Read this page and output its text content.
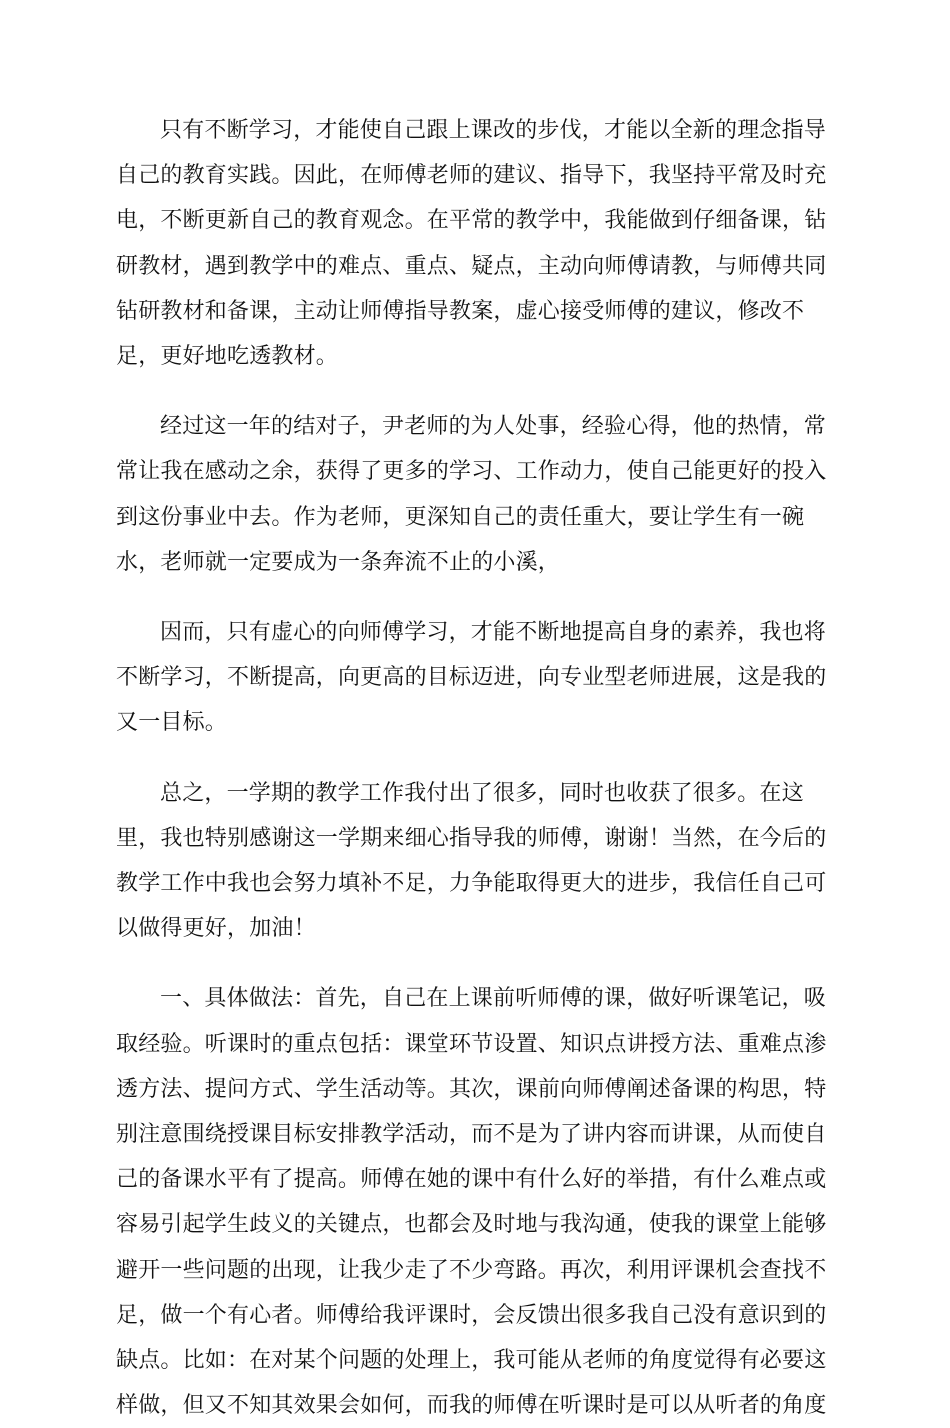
只有不断学习，才能使自己跟上课改的步伐，才能以全新的理念指导
自己的教育实践。因此，在师傅老师的建议、指导下，我坚持平常及时充
电，不断更新自己的教育观念。在平常的教学中，我能做到仔细备课，钻
研教材，遇到教学中的难点、重点、疑点，主动向师傅请教，与师傅共同
钻研教材和备课，主动让师傅指导教案，虚心接受师傅的建议，修改不
足，更好地吃透教材。
经过这一年的结对子，尹老师的为人处事，经验心得，他的热情，常
常让我在感动之余，获得了更多的学习、工作动力，使自己能更好的投入
到这份事业中去。作为老师，更深知自己的责任重大，要让学生有一碗
水，老师就一定要成为一条奔流不止的小溪，
因而，只有虚心的向师傅学习，才能不断地提高自身的素养，我也将
不断学习，不断提高，向更高的目标迈进，向专业型老师进展，这是我的
又一目标。
总之，一学期的教学工作我付出了很多，同时也收获了很多。在这
里，我也特别感谢这一学期来细心指导我的师傅，谢谢！当然，在今后的
教学工作中我也会努力填补不足，力争能取得更大的进步，我信任自己可
以做得更好，加油！
一、具体做法：首先，自己在上课前听师傅的课，做好听课笔记，吸
取经验。听课时的重点包括：课堂环节设置、知识点讲授方法、重难点渗
透方法、提问方式、学生活动等。其次，课前向师傅阐述备课的构思，特
别注意围绕授课目标安排教学活动，而不是为了讲内容而讲课，从而使自
己的备课水平有了提高。师傅在她的课中有什么好的举措，有什么难点或
容易引起学生歧义的关键点，也都会及时地与我沟通，使我的课堂上能够
避开一些问题的出现，让我少走了不少弯路。再次，利用评课机会查找不
足，做一个有心者。师傅给我评课时，会反馈出很多我自己没有意识到的
缺点。比如：在对某个问题的处理上，我可能从老师的角度觉得有必要这
样做，但又不知其效果会如何，而我的师傅在听课时是可以从听者的角度
